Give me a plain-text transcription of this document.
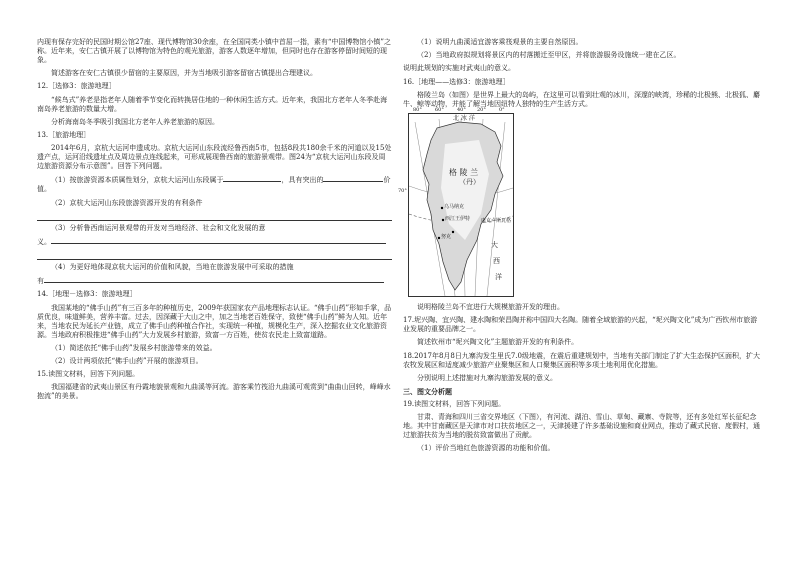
内现有保存完好的民国时期公馆27座、现代博物馆30余座，在全国同类小镇中首屈一指，素有“中国博物馆小镇”之称。近年来，安仁古镇开展了以博物馆为特色的观光旅游，游客人数逐年增加，但同时也存在游客停留时间短的现象。

简述游客在安仁古镇很少留宿的主要原因，并为当地吸引游客留宿古镇提出合理建议。

12.［选修3：旅游地理］

“候鸟式”养老是指老年人随着季节变化而转换居住地的一种休闲生活方式。近年来，我国北方老年人冬季赴海南岛养老旅游的数量大增。

分析海南岛冬季吸引我国北方老年人养老旅游的原因。

13.［旅游地理］

2014年6月，京杭大运河申遗成功。京杭大运河山东段流经鲁西南5市，包括8段共180余千米的河道以及15处遗产点，运河沿线遗址点及周边景点连线起来，可形成展现鲁西南的旅游景观带。图24为“京杭大运河山东段及周边旅游资源分布示意图”。回答下列问题。

（1）按旅游资源本质属性划分，京杭大运河山东段属于	，具有突出的	价值。

（2）京杭大运河山东段旅游资源开发的有利条件

（3）分析鲁西南运河景观带的开发对当地经济、社会和文化发展的意

义。

（4）为更好地体现京杭大运河的价值和风貌，当地在旅游发展中可采取的措施

有

14.［地理－选修3：旅游地理］

我国某地的“佛手山药”有三百多年的种植历史，2009年获国家农产品地理标志认证。“佛手山药”形如手掌，品质优良，味道鲜美，营养丰富。过去，因深藏于大山之中，加之当地老百姓保守，致使“佛手山药”鲜为人知。近年来，当地农民为延长产业链，成立了佛手山药种植合作社，实现统一种植，规模化生产，深入挖掘农业文化旅游资源。当地政府积极推进“佛手山药”大力发展乡村旅游，致富一方百姓，使贫农民走上致富道路。

（1）简述依托“佛手山药”发展乡村旅游带来的效益。

（2）设计两项依托“佛手山药”开展的旅游项目。

15.读图文材料，回答下列问题。

我国福建省的武夷山景区有丹霞地貌景观和九曲溪等河流。游客乘竹筏沿九曲溪可观赏到“曲曲山回转，峰峰水抱流”的美景。

（1）说明九曲溪适宜游客乘筏观景的主要自然原因。

（2）当地政府拟规划将景区内的村落搬迁至甲区，并将旅游服务设施统一建在乙区。

说明此规划的实施对武夷山的意义。

16.［地理——选修3：旅游地理］

格陵兰岛（如图）是世界上最大的岛屿，在这里可以看到壮观的冰川，深邃的峡湾，珍稀的北极熊、北极狐、麝牛、鲸等动物，并能了解当地因纽特人独特的生产生活方式。

80°	60°	40° 20°	0°
70°
北 冰 洋
格 陵 兰
（丹）
乌马纳克
康克卢斯瓦格
西江王伊特
努克
大
西
洋

说明格陵兰岛不宜进行大规模旅游开发的理由。

17.坭兴陶、宜兴陶、建水陶和荣昌陶并称中国四大名陶。随着全域旅游的兴起，“坭兴陶文化”成为广西钦州市旅游业发展的重要品牌之一。

简述钦州市“坭兴陶文化”主题旅游开发的有利条件。

18.2017年8月8日九寨沟发生里氏7.0级地震，在震后重建规划中，当地有关部门制定了扩大生态保护区面积，扩大农牧发展区和适度减少旅游产业聚集区和人口聚集区面积等多项土地利用优化措施。

分别说明上述措施对九寨沟旅游发展的意义。

三、图文分析题

19.读图文材料，回答下列问题。

甘肃、青海和四川三省交界地区（下图），有河流、湖泊、雪山、草甸、藏寨、寺院等，还有多处红军长征纪念地。其中甘南藏区是天津市对口扶贫地区之一，天津援建了许多基础设施和商业网点，推动了藏式民宿、度假村，通过旅游扶贫为当地的脱贫致富做出了贡献。

（1）评价当地红色旅游资源的功能和价值。
